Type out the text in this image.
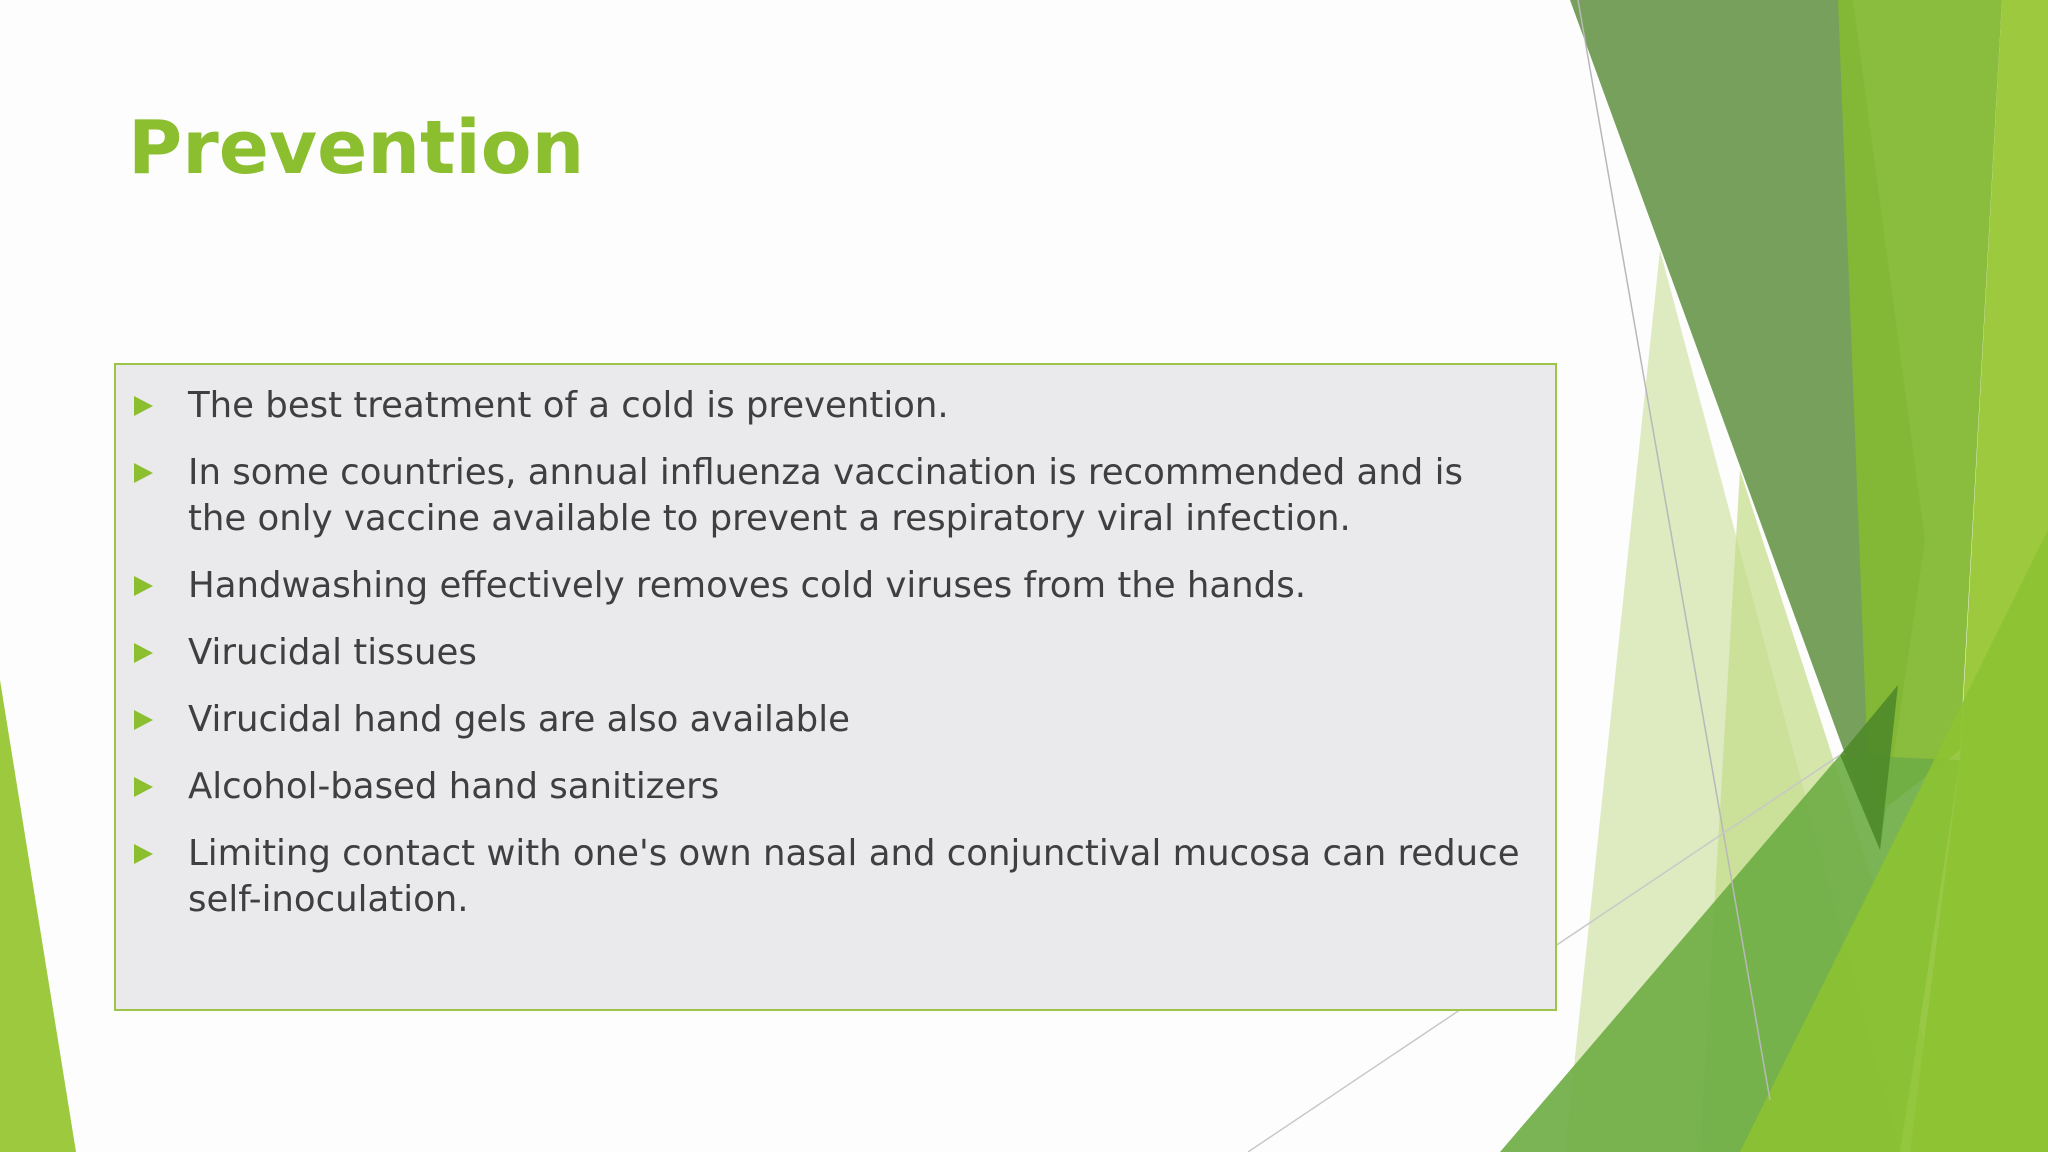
Prevention
The best treatment of a cold is prevention.
In some countries, annual influenza vaccination is recommended and is the only vaccine available to prevent a respiratory viral infection.
Handwashing effectively removes cold viruses from the hands.
Virucidal tissues
Virucidal hand gels are also available
Alcohol-based hand sanitizers
Limiting contact with one's own nasal and conjunctival mucosa can reduce self-inoculation.
